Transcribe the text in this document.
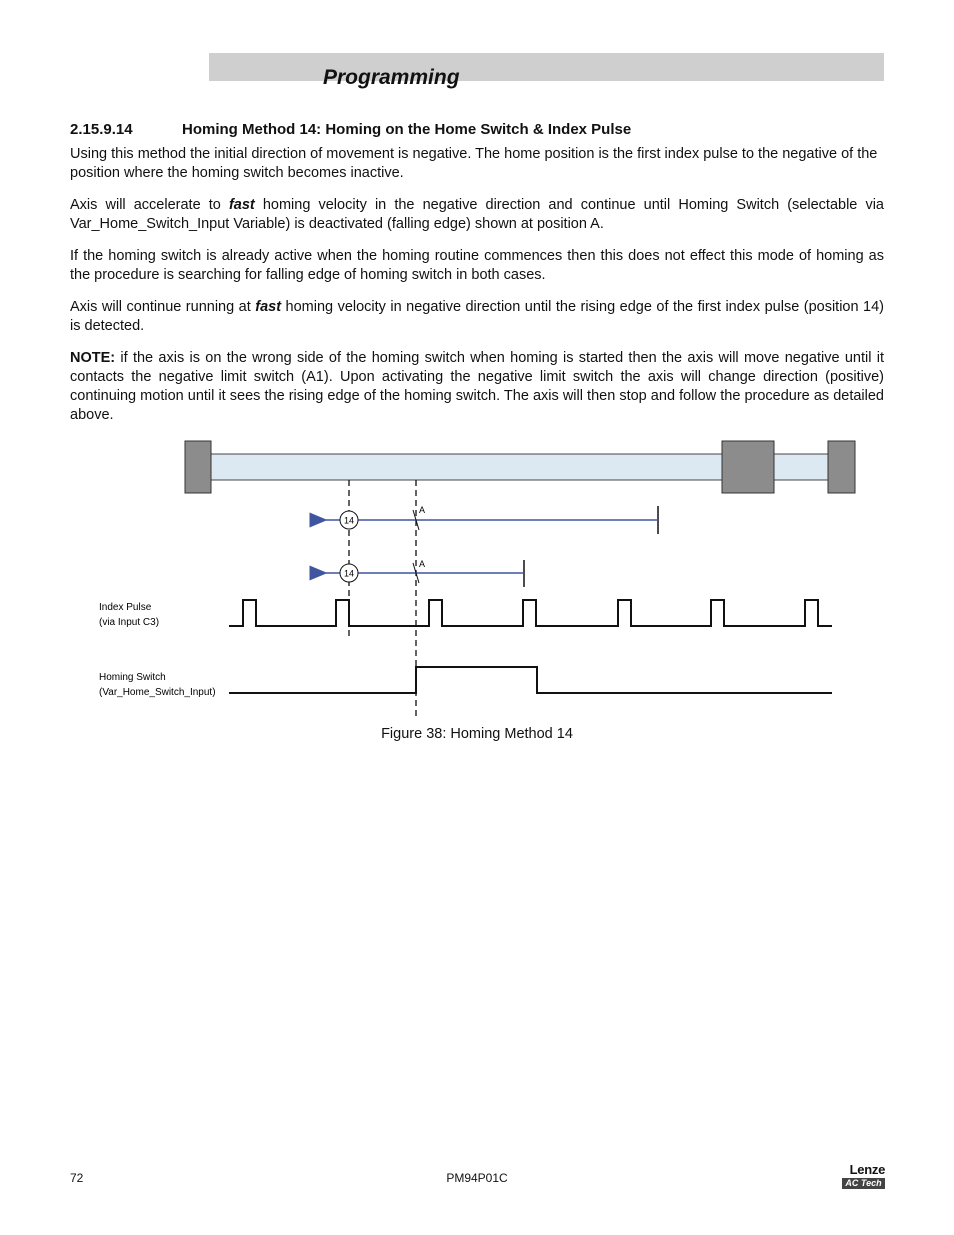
Programming
2.15.9.14	Homing Method 14: Homing on the Home Switch & Index Pulse

Using this method the initial direction of movement is negative. The home position is the first index pulse to the negative of the position where the homing switch becomes inactive.

Axis will accelerate to fast homing velocity in the negative direction and continue until Homing Switch (selectable via Var_Home_Switch_Input Variable) is deactivated (falling edge) shown at position A.

If the homing switch is already active when the homing routine commences then this does not effect this mode of homing as the procedure is searching for falling edge of homing switch in both cases.

Axis will continue running at fast homing velocity in negative direction until the rising edge of the first index pulse (position 14) is detected.

NOTE: if the axis is on the wrong side of the homing switch when homing is started then the axis will move negative until it contacts the negative limit switch (A1). Upon activating the negative limit switch the axis will change direction (positive) continuing motion until it sees the rising edge of the homing switch. The axis will then stop and follow the procedure as detailed above.

14
A
14
A
Index Pulse
(via Input C3)
Homing Switch
(Var_Home_Switch_Input)
Figure 38: Homing Method 14
72	PM94P01C
Lenze
AC Tech
